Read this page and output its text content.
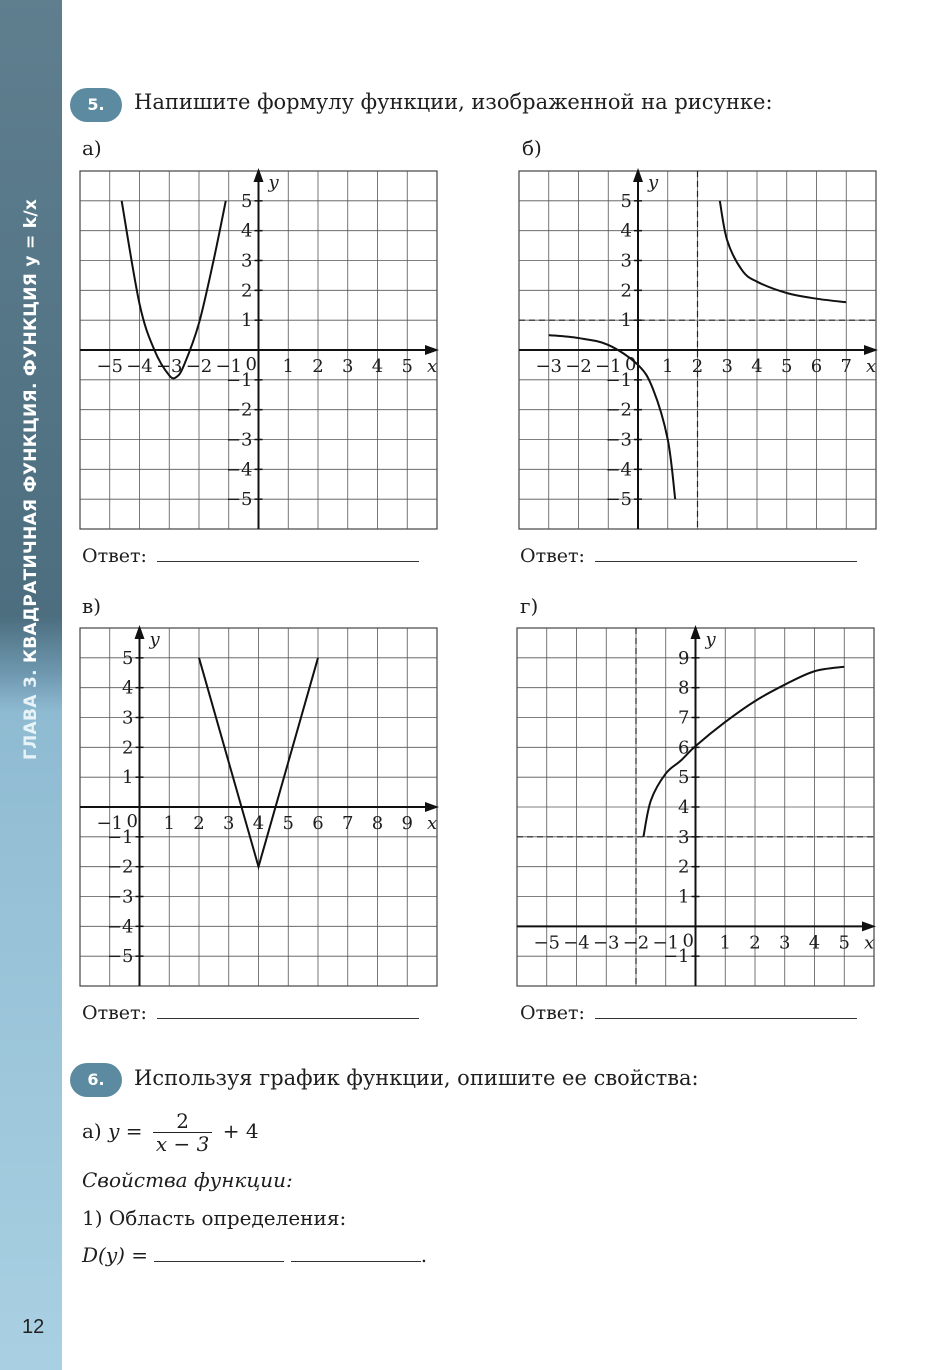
ГЛАВА 3. КВАДРАТИЧНАЯ ФУНКЦИЯ. ФУНКЦИЯ y = k/x
12
5.	Напишите формулу функции, изображенной на рисунке:
а)	б)
в)	г)
x
y
−5 −4 −3 −2 −1 0 1 2 3 4 5
−5
−4
−3
−2
−1
1
2
3
4
5
x
y
−3 −2 −1 0 1 2 3 4 5 6 7
−5
−4
−3
−2
−1
1
2
3
4
5
x
y
−1 0 1 2 3 4 5 6 7 8 9
−5
−4
−3
−2
−1
1
2
3
4
5
x
y
−5 −4 −3 −2 −1 0 1 2 3 4 5
−1
1
2
3
4
5
6
7
8
9
Ответ:	Ответ:
Ответ:	Ответ:
6.	Используя график функции, опишите ее свойства:
а) $y = \frac{2}{x - 3} + 4$
Свойства функции:
1) Область определения:
D(y) =	.
